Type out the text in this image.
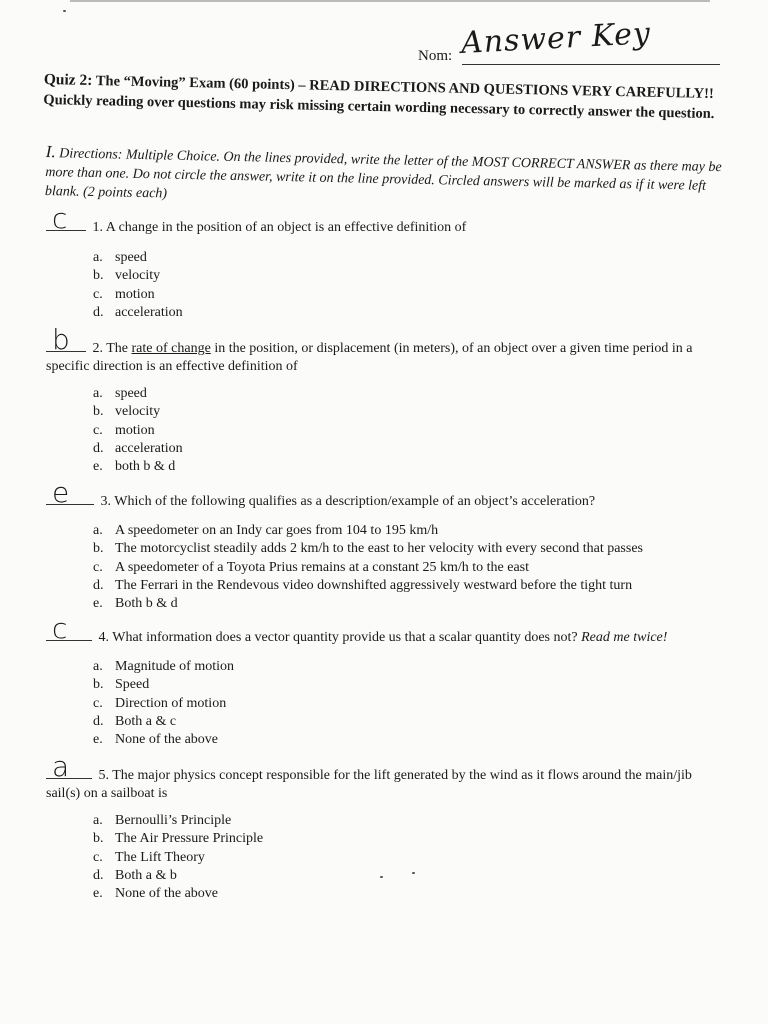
Nom: Answer Key
Quiz 2: The “Moving” Exam (60 points) – READ DIRECTIONS AND QUESTIONS VERY CAREFULLY!! Quickly reading over questions may risk missing certain wording necessary to correctly answer the question.
I. Directions: Multiple Choice. On the lines provided, write the letter of the MOST CORRECT ANSWER as there may be more than one. Do not circle the answer, write it on the line provided. Circled answers will be marked as if it were left blank. (2 points each)
c 1. A change in the position of an object is an effective definition of
a. speed
b. velocity
c. motion
d. acceleration
b 2. The rate of change in the position, or displacement (in meters), of an object over a given time period in a specific direction is an effective definition of
a. speed
b. velocity
c. motion
d. acceleration
e. both b & d
e 3. Which of the following qualifies as a description/example of an object’s acceleration?
a. A speedometer on an Indy car goes from 104 to 195 km/h
b. The motorcyclist steadily adds 2 km/h to the east to her velocity with every second that passes
c. A speedometer of a Toyota Prius remains at a constant 25 km/h to the east
d. The Ferrari in the Rendevous video downshifted aggressively westward before the tight turn
e. Both b & d
c 4. What information does a vector quantity provide us that a scalar quantity does not? Read me twice!
a. Magnitude of motion
b. Speed
c. Direction of motion
d. Both a & c
e. None of the above
a 5. The major physics concept responsible for the lift generated by the wind as it flows around the main/jib sail(s) on a sailboat is
a. Bernoulli’s Principle
b. The Air Pressure Principle
c. The Lift Theory
d. Both a & b
e. None of the above
